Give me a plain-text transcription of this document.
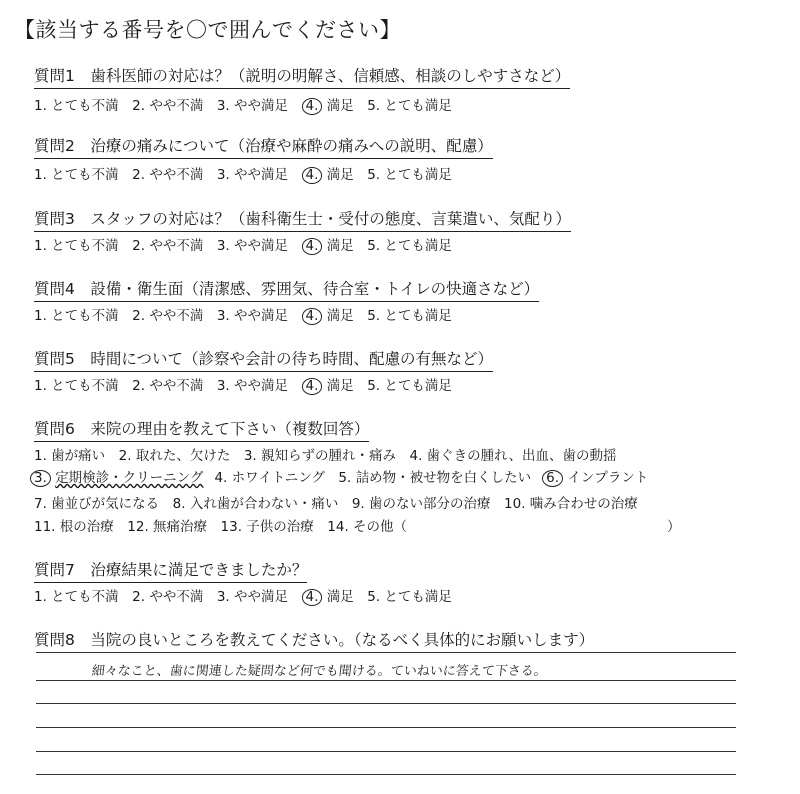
【該当する番号を〇で囲んでください】
質問1　歯科医師の対応は？（説明の明解さ、信頼感、相談のしやすさなど）
1. とても不満  2. やや不満  3. やや満足  4. 満足  5. とても満足
質問2　治療の痛みについて（治療や麻酔の痛みへの説明、配慮）
1. とても不満  2. やや不満  3. やや満足  4. 満足  5. とても満足
質問3　スタッフの対応は？（歯科衛生士・受付の態度、言葉遣い、気配り）
1. とても不満  2. やや不満  3. やや満足  4. 満足  5. とても満足
質問4　設備・衛生面（清潔感、雰囲気、待合室・トイレの快適さなど）
1. とても不満  2. やや不満  3. やや満足  4. 満足  5. とても満足
質問5　時間について（診察や会計の待ち時間、配慮の有無など）
1. とても不満  2. やや不満  3. やや満足  4. 満足  5. とても満足
質問6　来院の理由を教えて下さい（複数回答）
1. 歯が痛い　2. 取れた、欠けた　3. 親知らずの腫れ・痛み　4. 歯ぐきの腫れ、出血、歯の動揺
3. 定期検診・クリーニング  4. ホワイトニング　5. 詰め物・被せ物を白くしたい  6. インプラント
7. 歯並びが気になる　8. 入れ歯が合わない・痛い　9. 歯のない部分の治療　10. 噛み合わせの治療
11. 根の治療　12. 無痛治療　13. 子供の治療　14. その他（	）
質問7　治療結果に満足できましたか？
1. とても不満  2. やや不満  3. やや満足  4. 満足  5. とても満足
質問8　当院の良いところを教えてください。（なるべく具体的にお願いします）
細々なこと、歯に関連した疑問など何でも聞ける。ていねいに答えて下さる。
